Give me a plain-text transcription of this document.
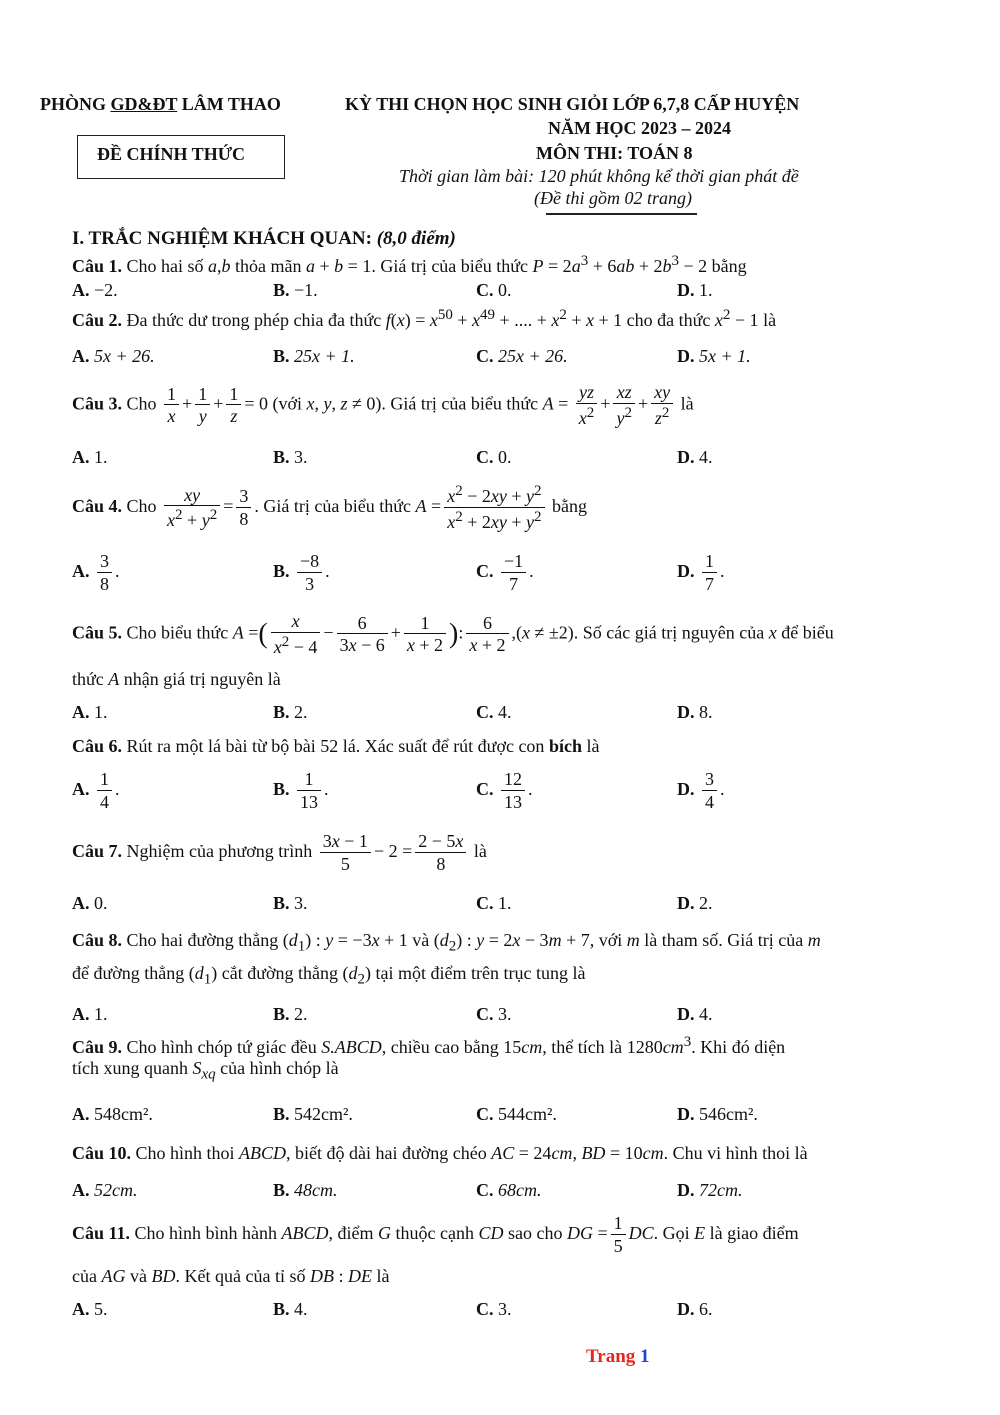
PHÒNG GD&ĐT LÂM THAO	KỲ THI CHỌN HỌC SINH GIỎI LỚP 6,7,8 CẤP HUYỆN
NĂM HỌC 2023 – 2024
ĐỀ CHÍNH THỨC	MÔN THI: TOÁN 8
Thời gian làm bài: 120 phút không kể thời gian phát đề
(Đề thi gồm 02 trang)
I. TRẮC NGHIỆM KHÁCH QUAN: (8,0 điểm)
Câu 1. Cho hai số a,b thỏa mãn a + b = 1. Giá trị của biểu thức $P = 2a^3 + 6ab + 2b^3 - 2$ bằng
A. −2.	B. −1.	C. 0.	D. 1.
Câu 2. Đa thức dư trong phép chia đa thức $f(x) = x^{50} + x^{49}$ + .... + $x^2 + x + 1$ cho đa thức $x^2 - 1$ là
A. 5x + 26.	B. 25x + 1.	C. 25x + 26.	D. 5x + 1.
Câu 3. Cho $\frac{1}{x} + \frac{1}{y} + \frac{1}{z} = 0$ (với x, y, z ≠ 0). Giá trị của biểu thức $A = \frac{yz}{x^2} + \frac{xz}{y^2} + \frac{xy}{z^2}$ là
A. 1.	B. 3.	C. 0.	D. 4.
Câu 4. Cho $\frac{xy}{x^2 + y^2} = \frac{3}{8}$ . Giá trị của biểu thức $A = \frac{x^2 - 2xy + y^2}{x^2 + 2xy + y^2}$ bằng
A. $\frac{3}{8}$ .	B. $\frac{-8}{3}$ .	C. $\frac{-1}{7}$ .	D. $\frac{1}{7}$ .
Câu 5. Cho biểu thức A =( $\frac{x}{x^2 - 4} - \frac{6}{3x - 6} + \frac{1}{x + 2}$ ): $\frac{6}{x + 2} ,(x \ne \pm 2)$. Số các giá trị nguyên của x để biểu
thức A nhận giá trị nguyên là
A. 1.	B. 2.	C. 4.	D. 8.
Câu 6. Rút ra một lá bài từ bộ bài 52 lá. Xác suất để rút được con bích là
A. $\frac{1}{4}$ .	B. $\frac{1}{13}$ .	C. $\frac{12}{13}$ .	D. $\frac{3}{4}$ .
Câu 7. Nghiệm của phương trình $\frac{3x - 1}{5} - 2 = \frac{2 - 5x}{8}$ là
A. 0.	B. 3.	C. 1.	D. 2.
Câu 8. Cho hai đường thẳng $(d_1)$ : y = −3x + 1 và $(d_2)$ : y = 2x − 3m + 7, với m là tham số. Giá trị của m
để đường thẳng $(d_1)$ cắt đường thẳng $(d_2)$ tại một điểm trên trục tung là
A. 1.	B. 2.	C. 3.	D. 4.
Câu 9. Cho hình chóp tứ giác đều S.ABCD, chiều cao bằng 15cm, thể tích là $1280cm^3$. Khi đó diện
tích xung quanh $S_{xq}$ của hình chóp là
A. 548cm².	B. 542cm².	C. 544cm².	D. 546cm².
Câu 10. Cho hình thoi ABCD, biết độ dài hai đường chéo AC = 24cm, BD = 10cm. Chu vi hình thoi là
A. 52cm.	B. 48cm.	C. 68cm.	D. 72cm.
Câu 11. Cho hình bình hành ABCD, điểm G thuộc cạnh CD sao cho DG = $\frac{1}{5}$ DC. Gọi E là giao điểm
của AG và BD. Kết quả của tỉ số DB : DE là
A. 5.	B. 4.	C. 3.	D. 6.
Trang 1
